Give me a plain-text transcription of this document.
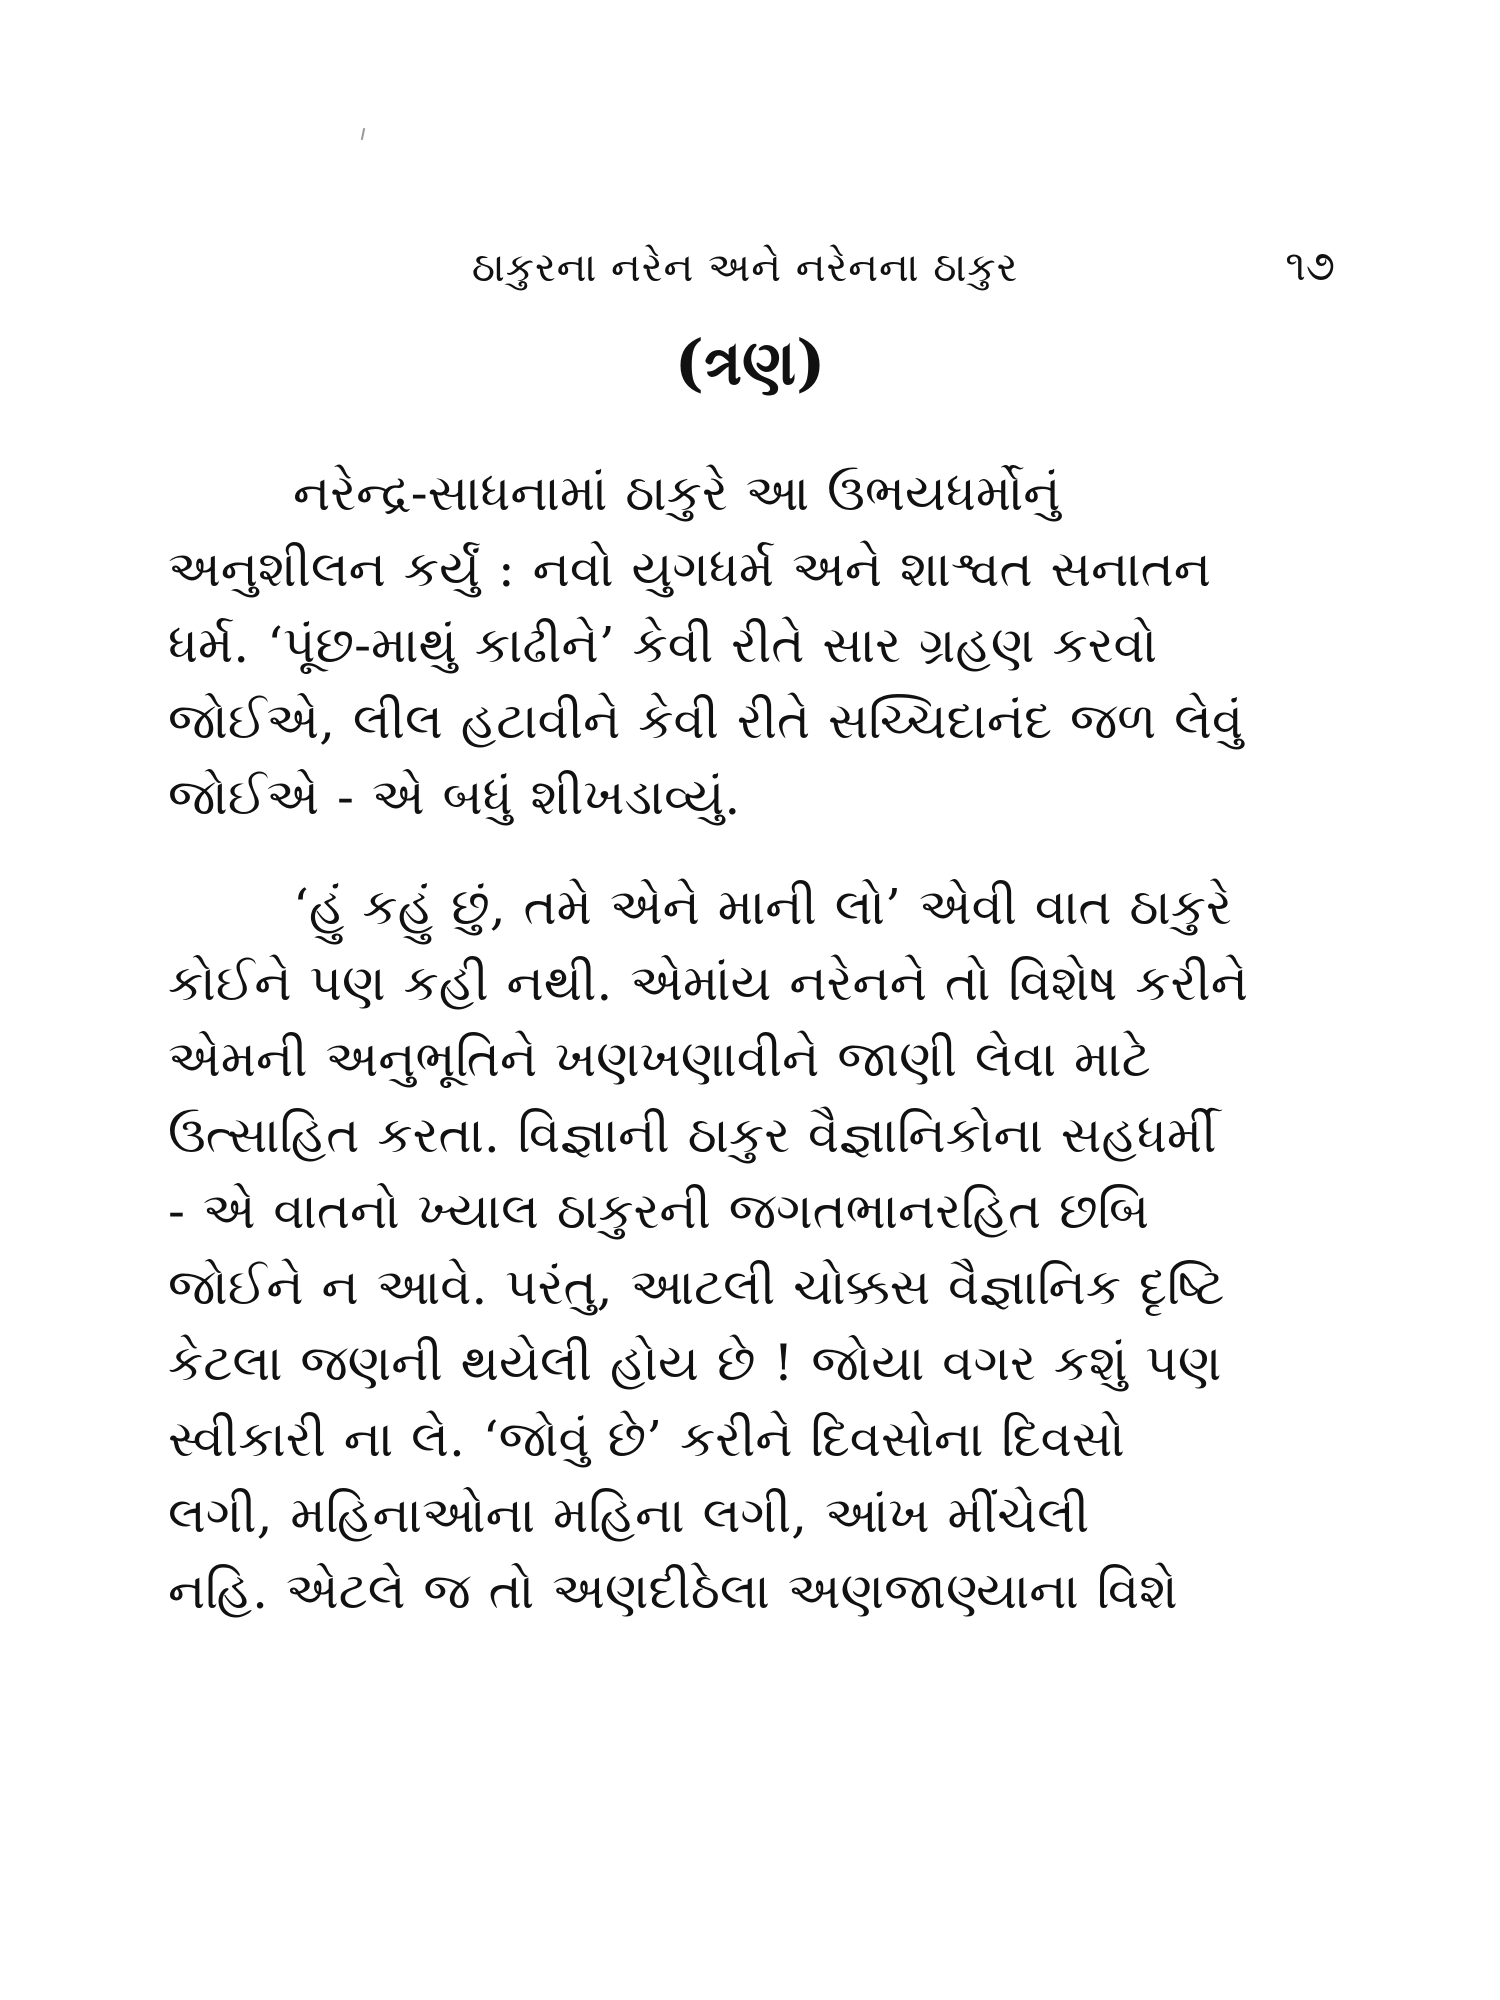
ઠાકુરના નરેન અને નરેનના ઠાકુર	૧૭
(ત્રણ)
નરેન્દ્ર-સાધનામાં ઠાકુરે આ ઉભયધર્મોનું
અનુશીલન કર્યું : નવો યુગધર્મ અને શાશ્વત સનાતન
ધર્મ. ‘પૂંછ-માથું કાઢીને’ કેવી રીતે સાર ગ્રહણ કરવો
જોઈએ, લીલ હટાવીને કેવી રીતે સચ્ચિદાનંદ જળ લેવું
જોઈએ - એ બધું શીખડાવ્યું.
‘હું કહું છું, તમે એને માની લો’ એવી વાત ઠાકુરે
કોઈને પણ કહી નથી. એમાંય નરેનને તો વિશેષ કરીને
એમની અનુભૂતિને ખણખણાવીને જાણી લેવા માટે
ઉત્સાહિત કરતા. વિજ્ઞાની ઠાકુર વૈજ્ઞાનિકોના સહધર્મી
- એ વાતનો ખ્યાલ ઠાકુરની જગતભાનરહિત છબિ
જોઈને ન આવે. પરંતુ, આટલી ચોક્કસ વૈજ્ઞાનિક દૃષ્ટિ
કેટલા જણની થયેલી હોય છે ! જોયા વગર કશું પણ
સ્વીકારી ના લે. ‘જોવું છે’ કરીને દિવસોના દિવસો
લગી, મહિનાઓના મહિના લગી, આંખ મીંચેલી
નહિ. એટલે જ તો અણદીઠેલા અણજાણ્યાના વિશે
